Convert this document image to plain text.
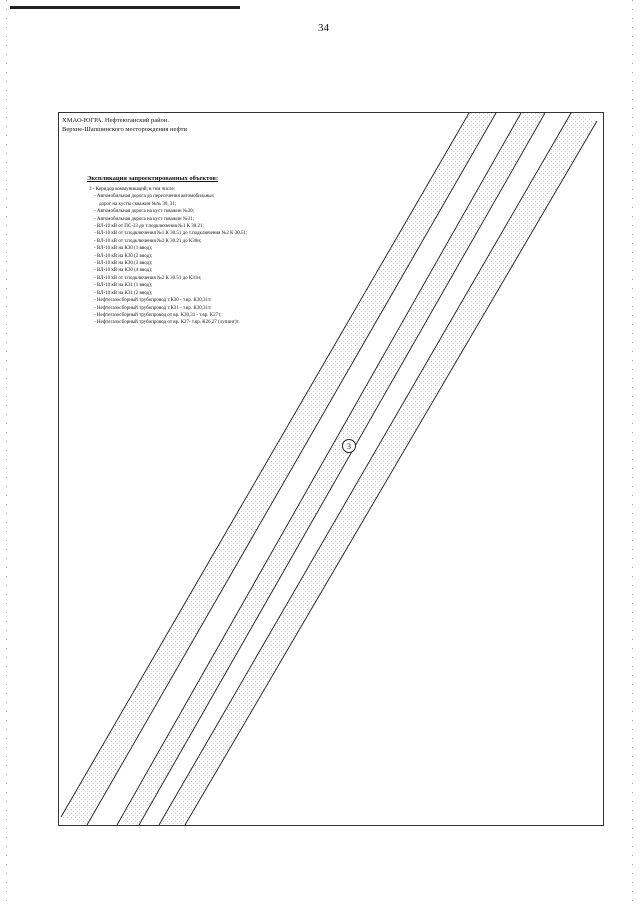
34
ХМАО-ЮГРА. Нефтеюганский район.
Верхне-Шапшинского месторождения нефти
Экспликация запроектированных объектов:
3 - Коридор коммуникаций, в том числе:
- Автомобильная дорога до пересечения автомобильных
дорог на кусты скважин №№ 30, 31;
- Автомобильная дорога на куст скважин №30;
- Автомобильная дорога на куст скважин №31;
- ВЛ-10 кВ от ПС-33 до т.подключения №1 К 30.21;
- ВЛ-10 кВ от т.подключения №1 К 30.51 до т.подключения №2 К 30.51;
- ВЛ-10 кВ от т.подключения №2 К 30.21 до К30н;
- ВЛ-10 кВ на К30 (1 ввод);
- ВЛ-10 кВ на К30 (2 ввод);
- ВЛ-10 кВ на К30 (3 ввод);
- ВЛ-10 кВ на К30 (4 ввод);
- ВЛ-10 кВ от т.подключения №2 К 30.51 до К31н;
- ВЛ-10 кВ на К31 (1 ввод);
- ВЛ-10 кВ на К31 (2 ввод);
- Нефтегазосборный трубопровод т.К30 - т.вр. К30,31т;
- Нефтегазосборный трубопровод т.К31 - т.вр. К30,31т;
- Нефтегазосборный трубопровод от вр. К30,31 - т.вр. К27т;
- Нефтегазосборный трубопровод от вр. К27- т.вр. К26,27 (лупинг)т.
3
